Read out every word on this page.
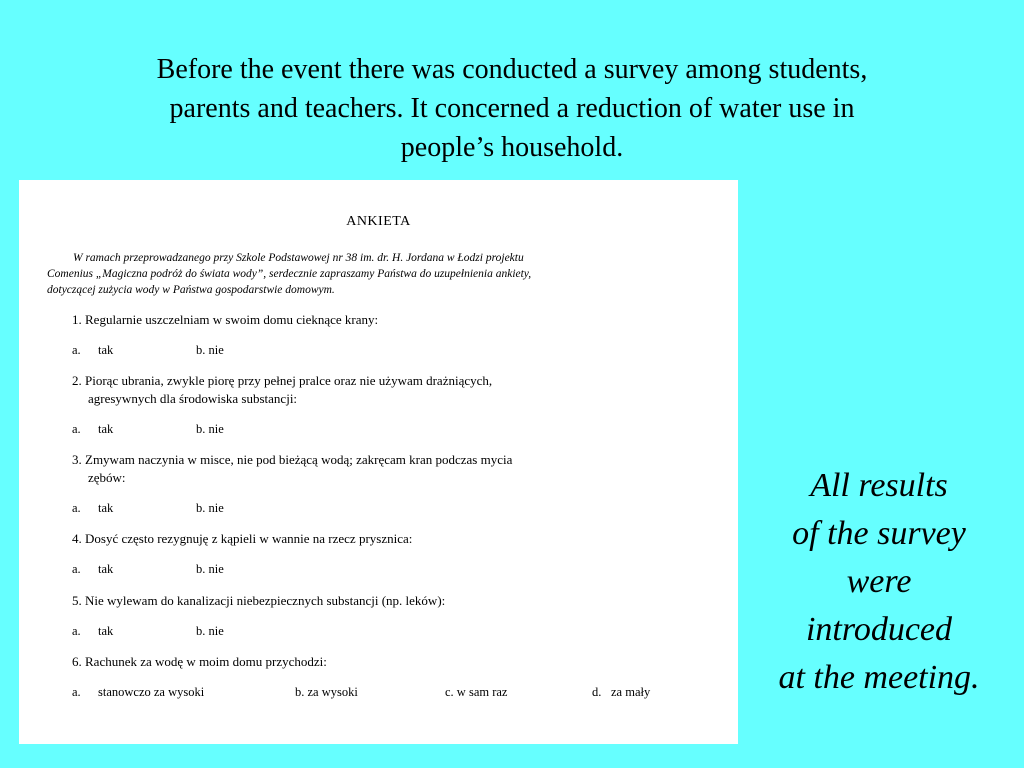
Before the event there was conducted a survey among students,
parents and teachers. It concerned a reduction of water use in
people’s household.
ANKIETA
W ramach przeprowadzanego przy Szkole Podstawowej nr 38 im. dr. H. Jordana w Łodzi projektu
Comenius „Magiczna podróż do świata wody”, serdecznie zapraszamy Państwa do uzupełnienia ankiety,
dotyczącej zużycia wody w Państwa gospodarstwie domowym.
1. Regularnie uszczelniam w swoim domu cieknące krany:
a. tak	b. nie
2. Piorąc ubrania, zwykle piorę przy pełnej pralce oraz nie używam drażniących,
agresywnych dla środowiska substancji:
a. tak	b. nie
3. Zmywam naczynia w misce, nie pod bieżącą wodą; zakręcam kran podczas mycia
zębów:
a. tak	b. nie
4. Dosyć często rezygnuję z kąpieli w wannie na rzecz prysznica:
a. tak	b. nie
5. Nie wylewam do kanalizacji niebezpiecznych substancji (np. leków):
a. tak	b. nie
6. Rachunek za wodę w moim domu przychodzi:
a. stanowczo za wysoki	b. za wysoki	c. w sam raz	d. za mały
All results
of the survey
were
introduced
at the meeting.
